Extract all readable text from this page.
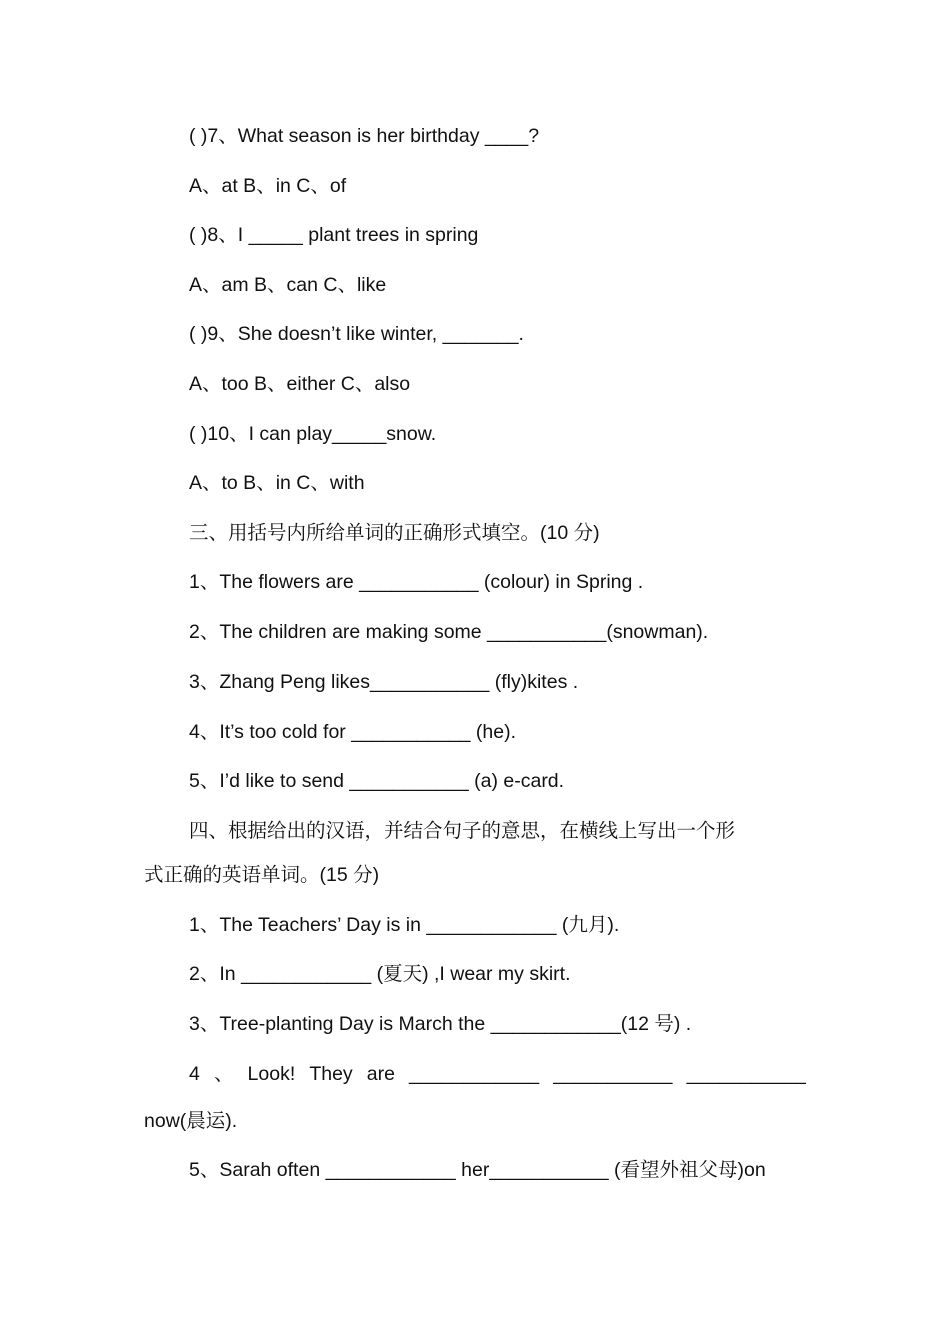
( )7、What season is her birthday ____?
A、at B、in C、of
( )8、I _____ plant trees in spring
A、am B、can C、like
( )9、She doesn’t like winter, _______.
A、too B、either C、also
( )10、I can play_____snow.
A、to B、in C、with
三、用括号内所给单词的正确形式填空。(10 分)
1、The flowers are ___________ (colour) in Spring .
2、The children are making some ___________(snowman).
3、Zhang Peng likes___________ (fly)kites .
4、It’s too cold for ___________ (he).
5、I’d like to send ___________ (a) e-card.
四、根据给出的汉语，并结合句子的意思，在横线上写出一个形
式正确的英语单词。(15 分)
1、The Teachers’ Day is in ____________ (九月).
2、In ____________ (夏天) ,I wear my skirt.
3、Tree-planting Day is March the ____________(12 号) .
4 、 Look! They are ____________ ___________ ___________
now(晨运).
5、Sarah often ____________ her___________ (看望外祖父母)on
